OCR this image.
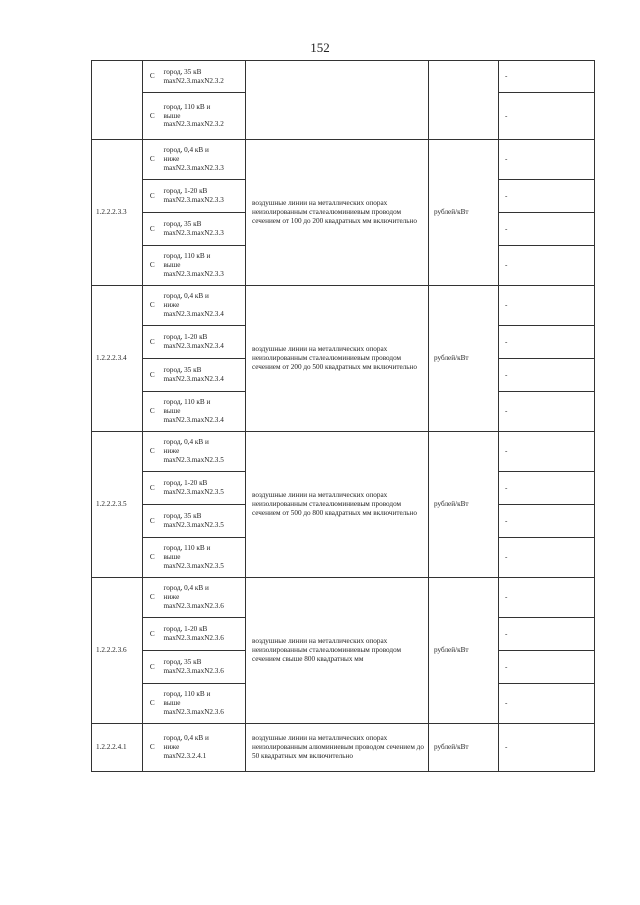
152
	С	город, 35 кВ
maxN2.3.maxN2.3.2			-
	С	город, 110 кВ и
выше
maxN2.3.maxN2.3.2			-
1.2.2.2.3.3	С	город, 0,4 кВ и
ниже
maxN2.3.maxN2.3.3	воздушные линии на металлических опорах неизолированным сталеалюминиевым проводом сечением от 100 до 200 квадратных мм включительно	рублей/кВт	-
	С	город, 1-20 кВ
maxN2.3.maxN2.3.3			-
	С	город, 35 кВ
maxN2.3.maxN2.3.3			-
	С	город, 110 кВ и
выше
maxN2.3.maxN2.3.3			-
1.2.2.2.3.4	С	город, 0,4 кВ и
ниже
maxN2.3.maxN2.3.4	воздушные линии на металлических опорах неизолированным сталеалюминиевым проводом сечением от 200 до 500 квадратных мм включительно	рублей/кВт	-
	С	город, 1-20 кВ
maxN2.3.maxN2.3.4			-
	С	город, 35 кВ
maxN2.3.maxN2.3.4			-
	С	город, 110 кВ и
выше
maxN2.3.maxN2.3.4			-
1.2.2.2.3.5	С	город, 0,4 кВ и
ниже
maxN2.3.maxN2.3.5	воздушные линии на металлических опорах неизолированным сталеалюминиевым проводом сечением от 500 до 800 квадратных мм включительно	рублей/кВт	-
	С	город, 1-20 кВ
maxN2.3.maxN2.3.5			-
	С	город, 35 кВ
maxN2.3.maxN2.3.5			-
	С	город, 110 кВ и
выше
maxN2.3.maxN2.3.5			-
1.2.2.2.3.6	С	город, 0,4 кВ и
ниже
maxN2.3.maxN2.3.6	воздушные линии на металлических опорах неизолированным сталеалюминиевым проводом сечением свыше 800 квадратных мм	рублей/кВт	-
	С	город, 1-20 кВ
maxN2.3.maxN2.3.6			-
	С	город, 35 кВ
maxN2.3.maxN2.3.6			-
	С	город, 110 кВ и
выше
maxN2.3.maxN2.3.6			-
1.2.2.2.4.1	С	город, 0,4 кВ и
ниже
maxN2.3.2.4.1	воздушные линии на металлических опорах неизолированным алюминиевым проводом сечением до 50 квадратных мм включительно	рублей/кВт	-
